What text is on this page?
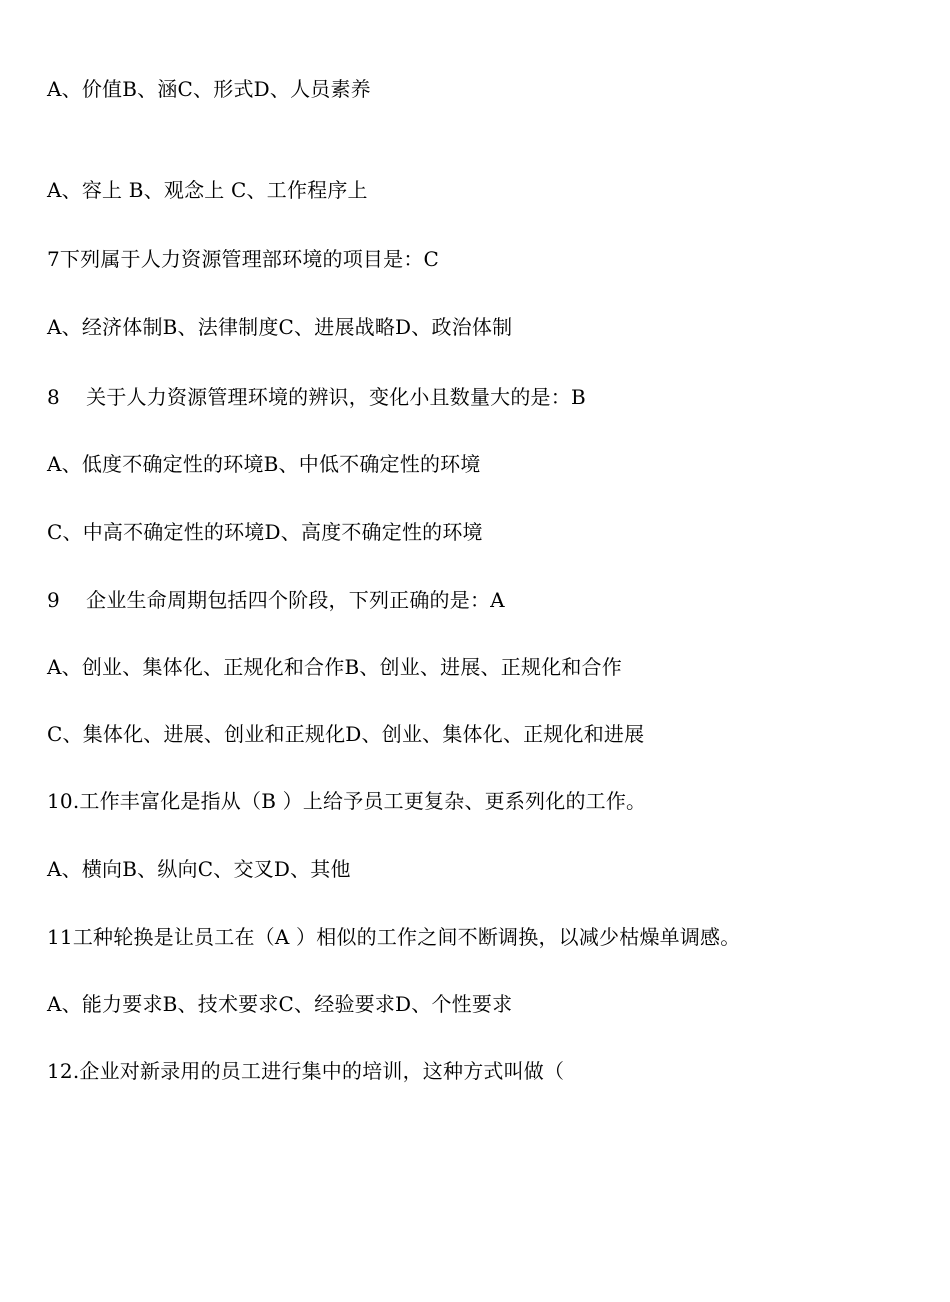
A、价值B、涵C、形式D、人员素养
A、容上 B、观念上 C、工作程序上
7下列属于人力资源管理部环境的项目是：C
A、经济体制B、法律制度C、进展战略D、政治体制
8    关于人力资源管理环境的辨识，变化小且数量大的是：B
A、低度不确定性的环境B、中低不确定性的环境
C、中高不确定性的环境D、高度不确定性的环境
9    企业生命周期包括四个阶段，下列正确的是：A
A、创业、集体化、正规化和合作B、创业、进展、正规化和合作
C、集体化、进展、创业和正规化D、创业、集体化、正规化和进展
10.工作丰富化是指从（B ）上给予员工更复杂、更系列化的工作。
A、横向B、纵向C、交叉D、其他
11工种轮换是让员工在（A ）相似的工作之间不断调换，以减少枯燥单调感。
A、能力要求B、技术要求C、经验要求D、个性要求
12.企业对新录用的员工进行集中的培训，这种方式叫做（
